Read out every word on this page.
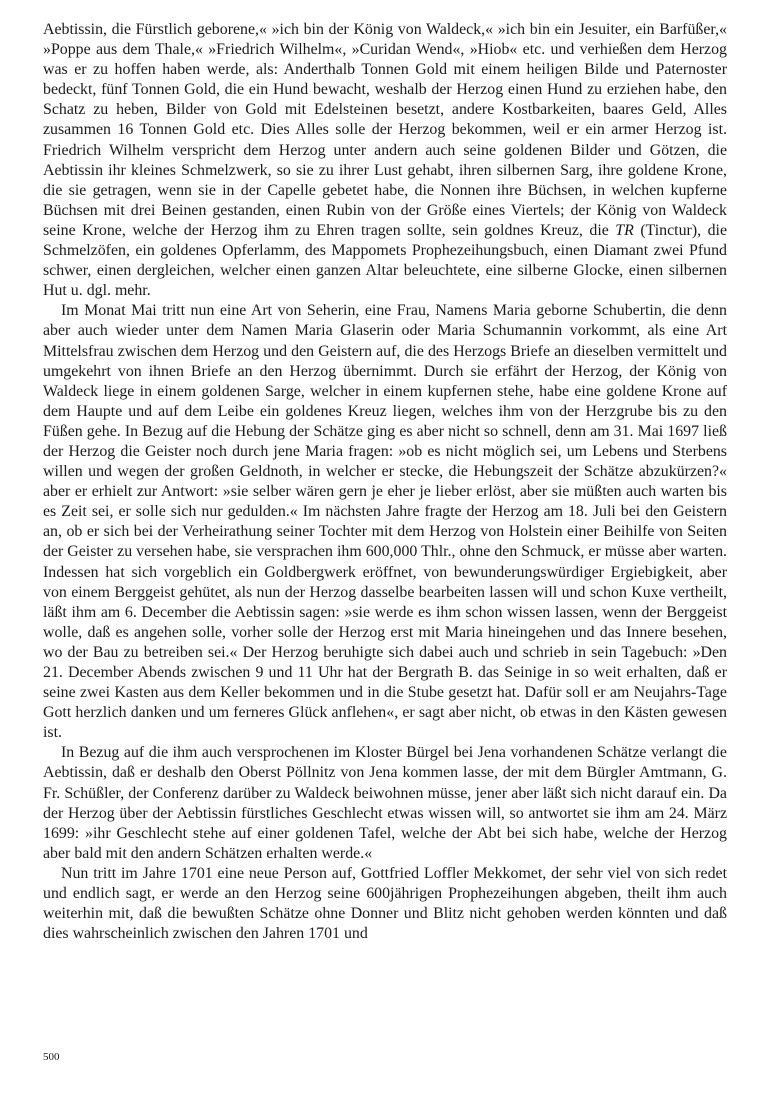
Aebtissin, die Fürstlich geborene,« »ich bin der König von Waldeck,« »ich bin ein Jesuiter, ein Barfüßer,« »Poppe aus dem Thale,« »Friedrich Wilhelm«, »Curidan Wend«, »Hiob« etc. und verhießen dem Herzog was er zu hoffen haben werde, als: Anderthalb Tonnen Gold mit einem heiligen Bilde und Paternoster bedeckt, fünf Tonnen Gold, die ein Hund bewacht, weshalb der Herzog einen Hund zu erziehen habe, den Schatz zu heben, Bilder von Gold mit Edelsteinen besetzt, andere Kostbarkeiten, baares Geld, Alles zusammen 16 Tonnen Gold etc. Dies Alles solle der Herzog bekommen, weil er ein armer Herzog ist. Friedrich Wilhelm verspricht dem Herzog unter andern auch seine goldenen Bilder und Götzen, die Aebtissin ihr kleines Schmelzwerk, so sie zu ihrer Lust gehabt, ihren silbernen Sarg, ihre goldene Krone, die sie getragen, wenn sie in der Capelle gebetet habe, die Nonnen ihre Büchsen, in welchen kupferne Büchsen mit drei Beinen gestanden, einen Rubin von der Größe eines Viertels; der König von Waldeck seine Krone, welche der Herzog ihm zu Ehren tragen sollte, sein goldnes Kreuz, die TR (Tinctur), die Schmelzöfen, ein goldenes Opferlamm, des Mappomets Prophezeihungsbuch, einen Diamant zwei Pfund schwer, einen dergleichen, welcher einen ganzen Altar beleuchtete, eine silberne Glocke, einen silbernen Hut u. dgl. mehr.

Im Monat Mai tritt nun eine Art von Seherin, eine Frau, Namens Maria geborne Schubertin, die denn aber auch wieder unter dem Namen Maria Glaserin oder Maria Schumannin vorkommt, als eine Art Mittelsfrau zwischen dem Herzog und den Geistern auf, die des Herzogs Briefe an dieselben vermittelt und umgekehrt von ihnen Briefe an den Herzog übernimmt. Durch sie erfährt der Herzog, der König von Waldeck liege in einem goldenen Sarge, welcher in einem kupfernen stehe, habe eine goldene Krone auf dem Haupte und auf dem Leibe ein goldenes Kreuz liegen, welches ihm von der Herzgrube bis zu den Füßen gehe. In Bezug auf die Hebung der Schätze ging es aber nicht so schnell, denn am 31. Mai 1697 ließ der Herzog die Geister noch durch jene Maria fragen: »ob es nicht möglich sei, um Lebens und Sterbens willen und wegen der großen Geldnoth, in welcher er stecke, die Hebungszeit der Schätze abzukürzen?« aber er erhielt zur Antwort: »sie selber wären gern je eher je lieber erlöst, aber sie müßten auch warten bis es Zeit sei, er solle sich nur gedulden.« Im nächsten Jahre fragte der Herzog am 18. Juli bei den Geistern an, ob er sich bei der Verheirathung seiner Tochter mit dem Herzog von Holstein einer Beihilfe von Seiten der Geister zu versehen habe, sie versprachen ihm 600,000 Thlr., ohne den Schmuck, er müsse aber warten. Indessen hat sich vorgeblich ein Goldbergwerk eröffnet, von bewunderungswürdiger Ergiebigkeit, aber von einem Berggeist gehütet, als nun der Herzog dasselbe bearbeiten lassen will und schon Kuxe vertheilt, läßt ihm am 6. December die Aebtissin sagen: »sie werde es ihm schon wissen lassen, wenn der Berggeist wolle, daß es angehen solle, vorher solle der Herzog erst mit Maria hineingehen und das Innere besehen, wo der Bau zu betreiben sei.« Der Herzog beruhigte sich dabei auch und schrieb in sein Tagebuch: »Den 21. December Abends zwischen 9 und 11 Uhr hat der Bergrath B. das Seinige in so weit erhalten, daß er seine zwei Kasten aus dem Keller bekommen und in die Stube gesetzt hat. Dafür soll er am Neujahrs-Tage Gott herzlich danken und um ferneres Glück anflehen«, er sagt aber nicht, ob etwas in den Kästen gewesen ist.

In Bezug auf die ihm auch versprochenen im Kloster Bürgel bei Jena vorhandenen Schätze verlangt die Aebtissin, daß er deshalb den Oberst Pöllnitz von Jena kommen lasse, der mit dem Bürgler Amtmann, G. Fr. Schüßler, der Conferenz darüber zu Waldeck beiwohnen müsse, jener aber läßt sich nicht darauf ein. Da der Herzog über der Aebtissin fürstliches Geschlecht etwas wissen will, so antwortet sie ihm am 24. März 1699: »ihr Geschlecht stehe auf einer goldenen Tafel, welche der Abt bei sich habe, welche der Herzog aber bald mit den andern Schätzen erhalten werde.«

Nun tritt im Jahre 1701 eine neue Person auf, Gottfried Loffler Mekkomet, der sehr viel von sich redet und endlich sagt, er werde an den Herzog seine 600jährigen Prophezeihungen abgeben, theilt ihm auch weiterhin mit, daß die bewußten Schätze ohne Donner und Blitz nicht gehoben werden könnten und daß dies wahrscheinlich zwischen den Jahren 1701 und

500
